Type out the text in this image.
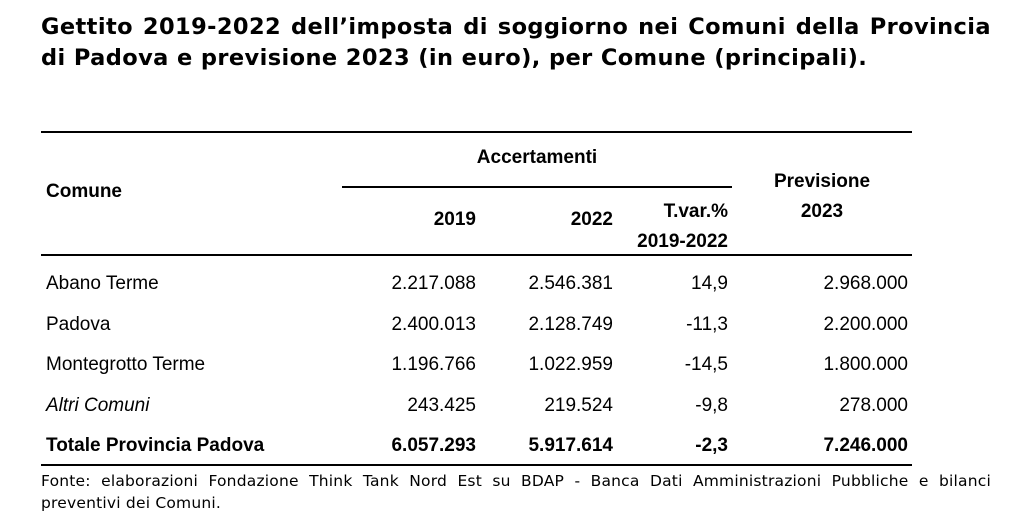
Gettito 2019-2022 dell’imposta di soggiorno nei Comuni della Provincia di Padova e previsione 2023 (in euro), per Comune (principali).

Comune
Accertamenti
2019	2022	T.var.%
2019-2022
Previsione
2023
Abano Terme	2.217.088	2.546.381	14,9	2.968.000
Padova	2.400.013	2.128.749	-11,3	2.200.000
Montegrotto Terme	1.196.766	1.022.959	-14,5	1.800.000
Altri Comuni	243.425	219.524	-9,8	278.000
Totale Provincia Padova	6.057.293	5.917.614	-2,3	7.246.000

Fonte: elaborazioni Fondazione Think Tank Nord Est su BDAP - Banca Dati Amministrazioni Pubbliche e bilanci preventivi dei Comuni.
